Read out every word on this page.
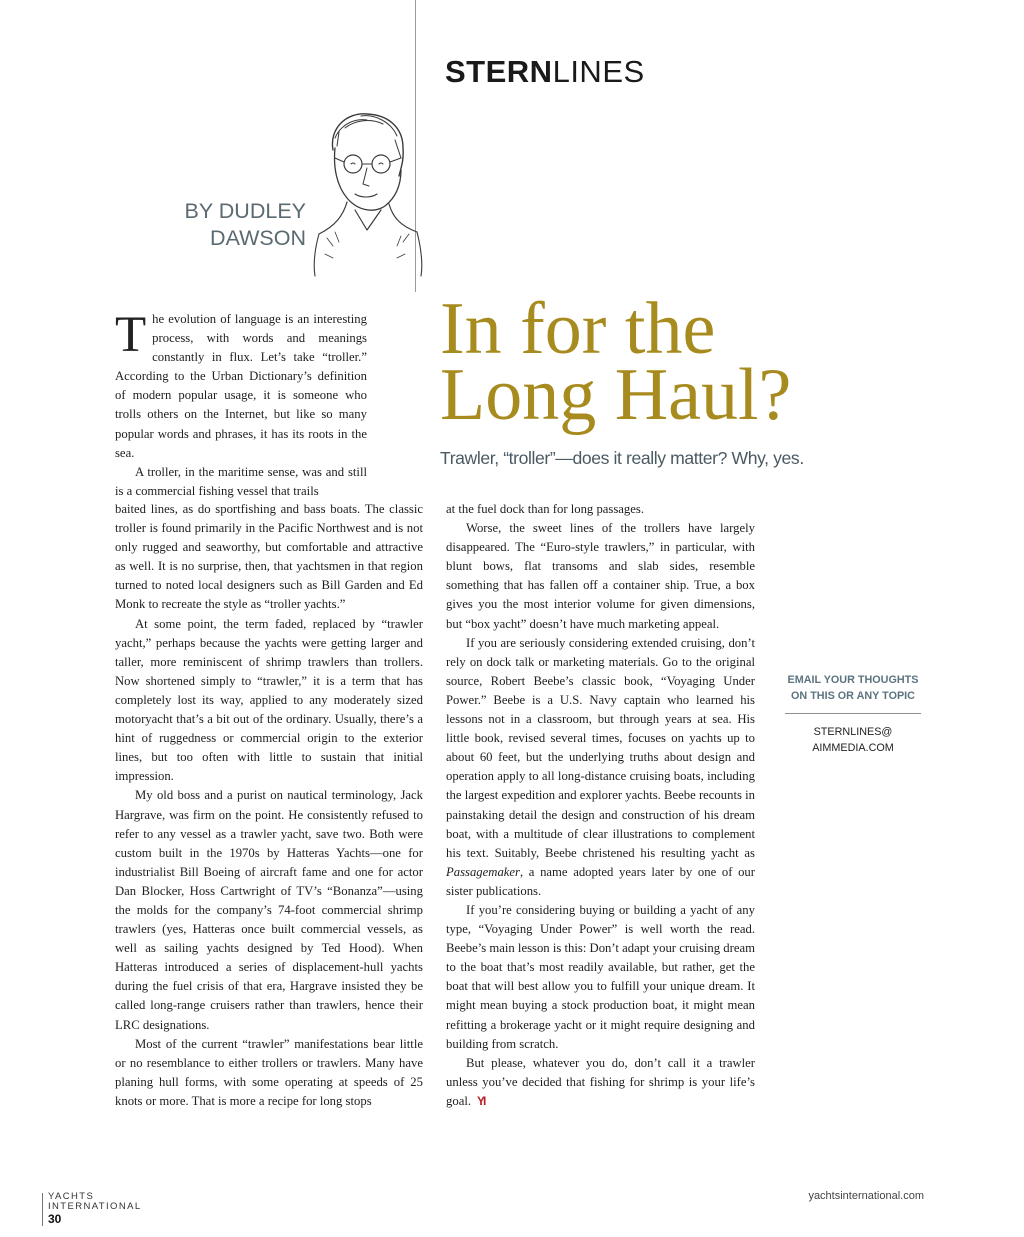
STERNLINES
BY DUDLEY
DAWSON
In for the
Long Haul?
Trawler, “troller”—does it really matter? Why, yes.

The evolution of language is an interesting process, with words and meanings constantly in flux. Let’s take “troller.” According to the Urban Dictionary’s definition of modern popular usage, it is someone who trolls others on the Internet, but like so many popular words and phrases, it has its roots in the sea.

A troller, in the maritime sense, was and still is a commercial fishing vessel that trails

baited lines, as do sportfishing and bass boats. The classic troller is found primarily in the Pacific Northwest and is not only rugged and seaworthy, but comfortable and attractive as well. It is no surprise, then, that yachtsmen in that region turned to noted local designers such as Bill Garden and Ed Monk to recreate the style as “troller yachts.”

At some point, the term faded, replaced by “trawler yacht,” perhaps because the yachts were getting larger and taller, more reminiscent of shrimp trawlers than trollers. Now shortened simply to “trawler,” it is a term that has completely lost its way, applied to any moderately sized motoryacht that’s a bit out of the ordinary. Usually, there’s a hint of ruggedness or commercial origin to the exterior lines, but too often with little to sustain that initial impression.

My old boss and a purist on nautical terminology, Jack Hargrave, was firm on the point. He consistently refused to refer to any vessel as a trawler yacht, save two. Both were custom built in the 1970s by Hatteras Yachts—one for industrialist Bill Boeing of aircraft fame and one for actor Dan Blocker, Hoss Cartwright of TV’s “Bonanza”—using the molds for the company’s 74-foot commercial shrimp trawlers (yes, Hatteras once built commercial vessels, as well as sailing yachts designed by Ted Hood). When Hatteras introduced a series of displacement-hull yachts during the fuel crisis of that era, Hargrave insisted they be called long-range cruisers rather than trawlers, hence their LRC designations.

Most of the current “trawler” manifestations bear little or no resemblance to either trollers or trawlers. Many have planing hull forms, with some operating at speeds of 25 knots or more. That is more a recipe for long stops

at the fuel dock than for long passages.

Worse, the sweet lines of the trollers have largely disappeared. The “Euro-style trawlers,” in particular, with blunt bows, flat transoms and slab sides, resemble something that has fallen off a container ship. True, a box gives you the most interior volume for given dimensions, but “box yacht” doesn’t have much marketing appeal.

If you are seriously considering extended cruising, don’t rely on dock talk or marketing materials. Go to the original source, Robert Beebe’s classic book, “Voyaging Under Power.” Beebe is a U.S. Navy captain who learned his lessons not in a classroom, but through years at sea. His little book, revised several times, focuses on yachts up to about 60 feet, but the underlying truths about design and operation apply to all long-distance cruising boats, including the largest expedition and explorer yachts. Beebe recounts in painstaking detail the design and construction of his dream boat, with a multitude of clear illustrations to complement his text. Suitably, Beebe christened his resulting yacht as Passagemaker, a name adopted years later by one of our sister publications.

If you’re considering buying or building a yacht of any type, “Voyaging Under Power” is well worth the read. Beebe’s main lesson is this: Don’t adapt your cruising dream to the boat that’s most readily available, but rather, get the boat that will best allow you to fulfill your unique dream. It might mean buying a stock production boat, it might mean refitting a brokerage yacht or it might require designing and building from scratch.

But please, whatever you do, don’t call it a trawler unless you’ve decided that fishing for shrimp is your life’s goal. YI

EMAIL YOUR THOUGHTS ON THIS OR ANY TOPIC
STERNLINES@
AIMMEDIA.COM
YACHTS
INTERNATIONAL
30
yachtsinternational.com
